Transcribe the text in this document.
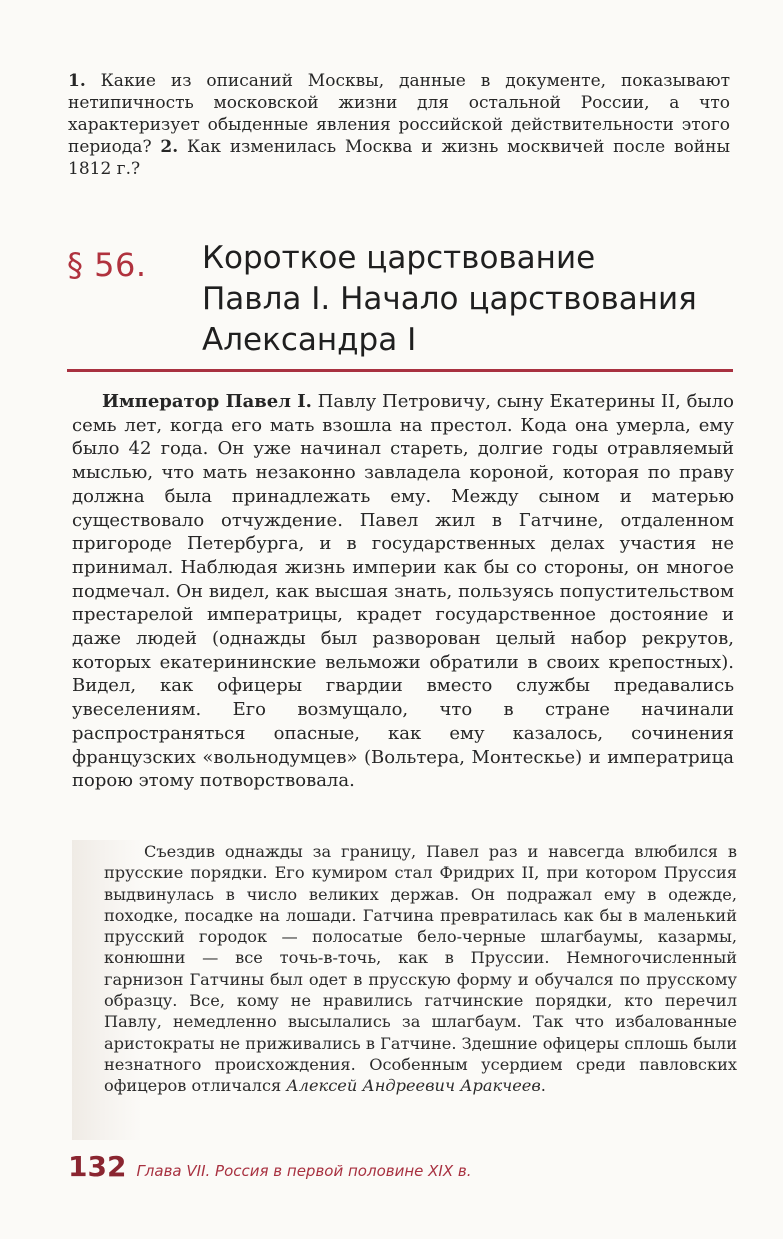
1. Какие из описаний Москвы, данные в документе, показывают нетипичность московской жизни для остальной России, а что характеризует обыденные явления российской действительности этого периода? 2. Как изменилась Москва и жизнь москвичей после войны 1812 г.?
§ 56. Короткое царствование
Павла I. Начало царствования
Александра I

Император Павел I. Павлу Петровичу, сыну Екатерины II, было семь лет, когда его мать взошла на престол. Кода она умерла, ему было 42 года. Он уже начинал стареть, долгие годы отравляемый мыслью, что мать незаконно завладела короной, которая по праву должна была принадлежать ему. Между сыном и матерью существовало отчуждение. Павел жил в Гатчине, отдаленном пригороде Петербурга, и в государственных делах участия не принимал. Наблюдая жизнь империи как бы со стороны, он многое подмечал. Он видел, как высшая знать, пользуясь попустительством престарелой императрицы, крадет государственное достояние и даже людей (однажды был разворован целый набор рекрутов, которых екатерининские вельможи обратили в своих крепостных). Видел, как офицеры гвардии вместо службы предавались увеселениям. Его возмущало, что в стране начинали распространяться опасные, как ему казалось, сочинения французских «вольнодумцев» (Вольтера, Монтескье) и императрица порою этому потворствовала.

Съездив однажды за границу, Павел раз и навсегда влюбился в прусские порядки. Его кумиром стал Фридрих II, при котором Пруссия выдвинулась в число великих держав. Он подражал ему в одежде, походке, посадке на лошади. Гатчина превратилась как бы в маленький прусский городок — полосатые бело-черные шлагбаумы, казармы, конюшни — все точь-в-точь, как в Пруссии. Немногочисленный гарнизон Гатчины был одет в прусскую форму и обучался по прусскому образцу. Все, кому не нравились гатчинские порядки, кто перечил Павлу, немедленно высылались за шлагбаум. Так что избалованные аристократы не приживались в Гатчине. Здешние офицеры сплошь были незнатного происхождения. Особенным усердием среди павловских офицеров отличался Алексей Андреевич Аракчеев.

132 Глава VII. Россия в первой половине XIX в.
